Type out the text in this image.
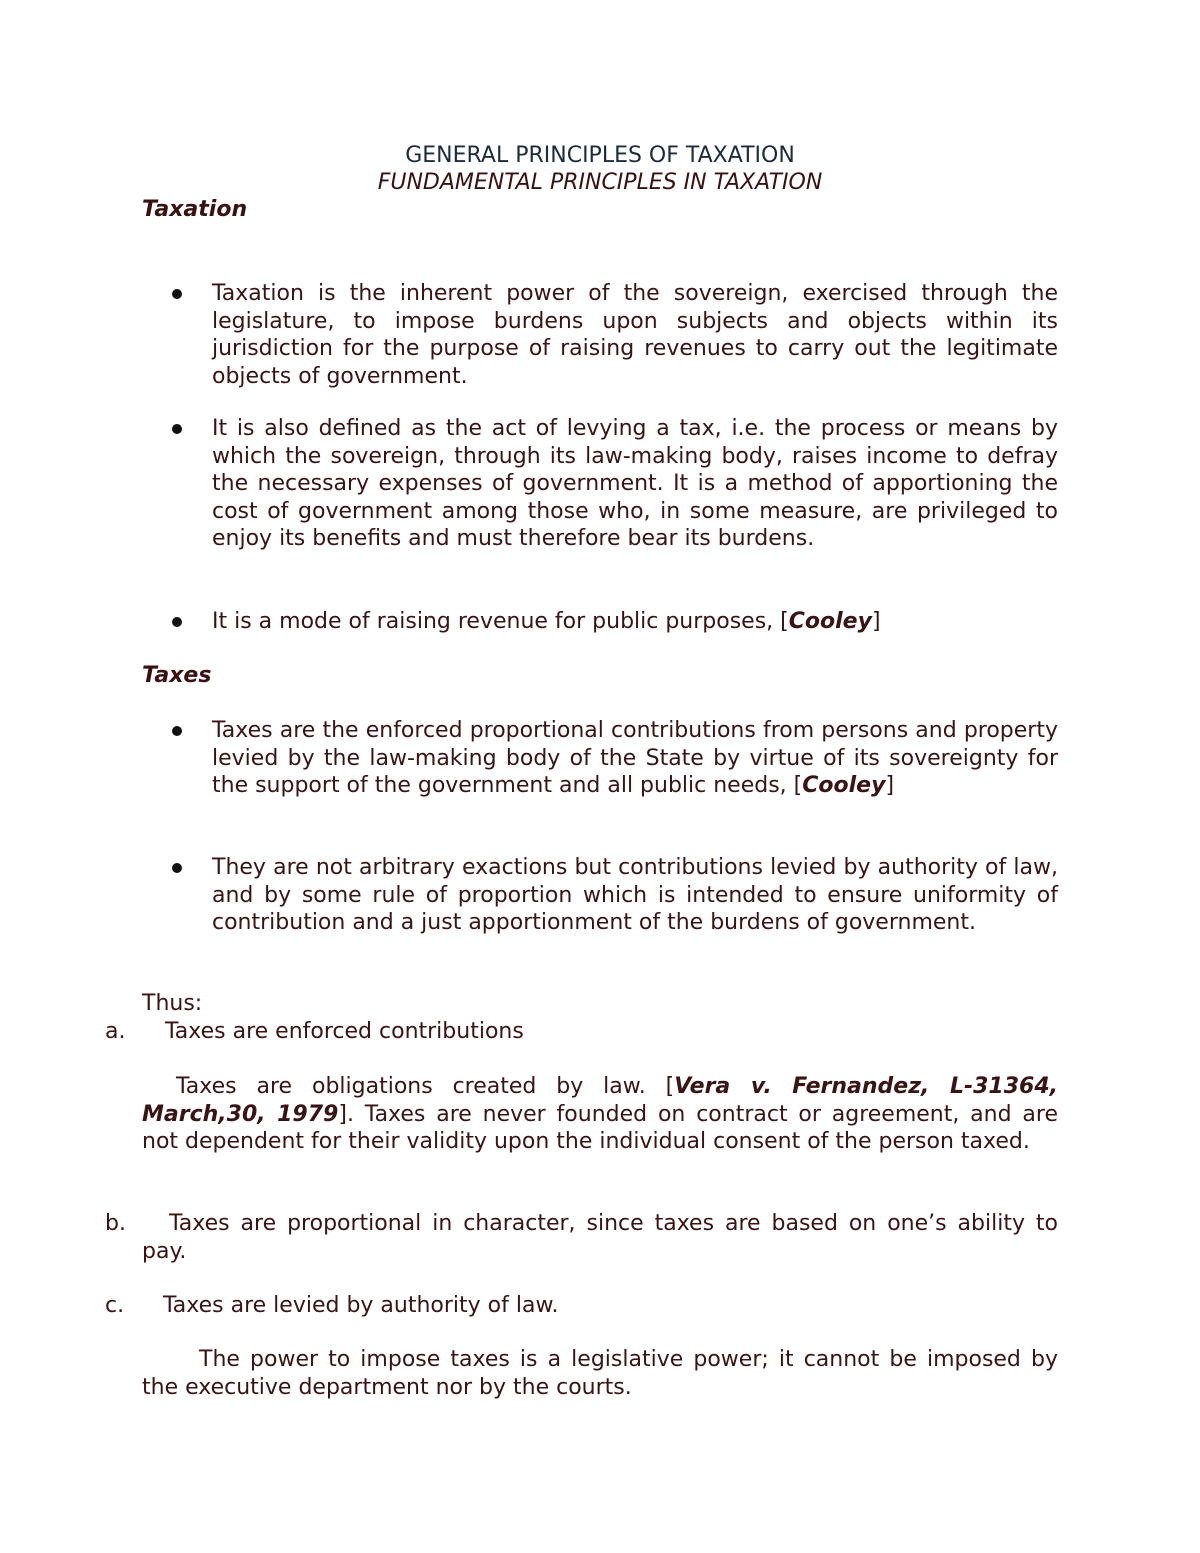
GENERAL PRINCIPLES OF TAXATION
FUNDAMENTAL PRINCIPLES IN TAXATION
Taxation
Taxation is the inherent power of the sovereign, exercised through the legislature, to impose burdens upon subjects and objects within its jurisdiction for the purpose of raising revenues to carry out the legitimate objects of government.
It is also defined as the act of levying a tax, i.e. the process or means by which the sovereign, through its law-making body, raises income to defray the necessary expenses of government. It is a method of apportioning the cost of government among those who, in some measure, are privileged to enjoy its benefits and must therefore bear its burdens.
It is a mode of raising revenue for public purposes, [Cooley]
Taxes
Taxes are the enforced proportional contributions from persons and property levied by the law-making body of the State by virtue of its sovereignty for the support of the government and all public needs, [Cooley]
They are not arbitrary exactions but contributions levied by authority of law, and by some rule of proportion which is intended to ensure uniformity of contribution and a just apportionment of the burdens of government.
Thus:
a. Taxes are enforced contributions
Taxes are obligations created by law. [Vera v. Fernandez, L-31364, March,30, 1979]. Taxes are never founded on contract or agreement, and are not dependent for their validity upon the individual consent of the person taxed.
b.	Taxes are proportional in character, since taxes are based on one’s ability to pay.
c. Taxes are levied by authority of law.
The power to impose taxes is a legislative power; it cannot be imposed by the executive department nor by the courts.
